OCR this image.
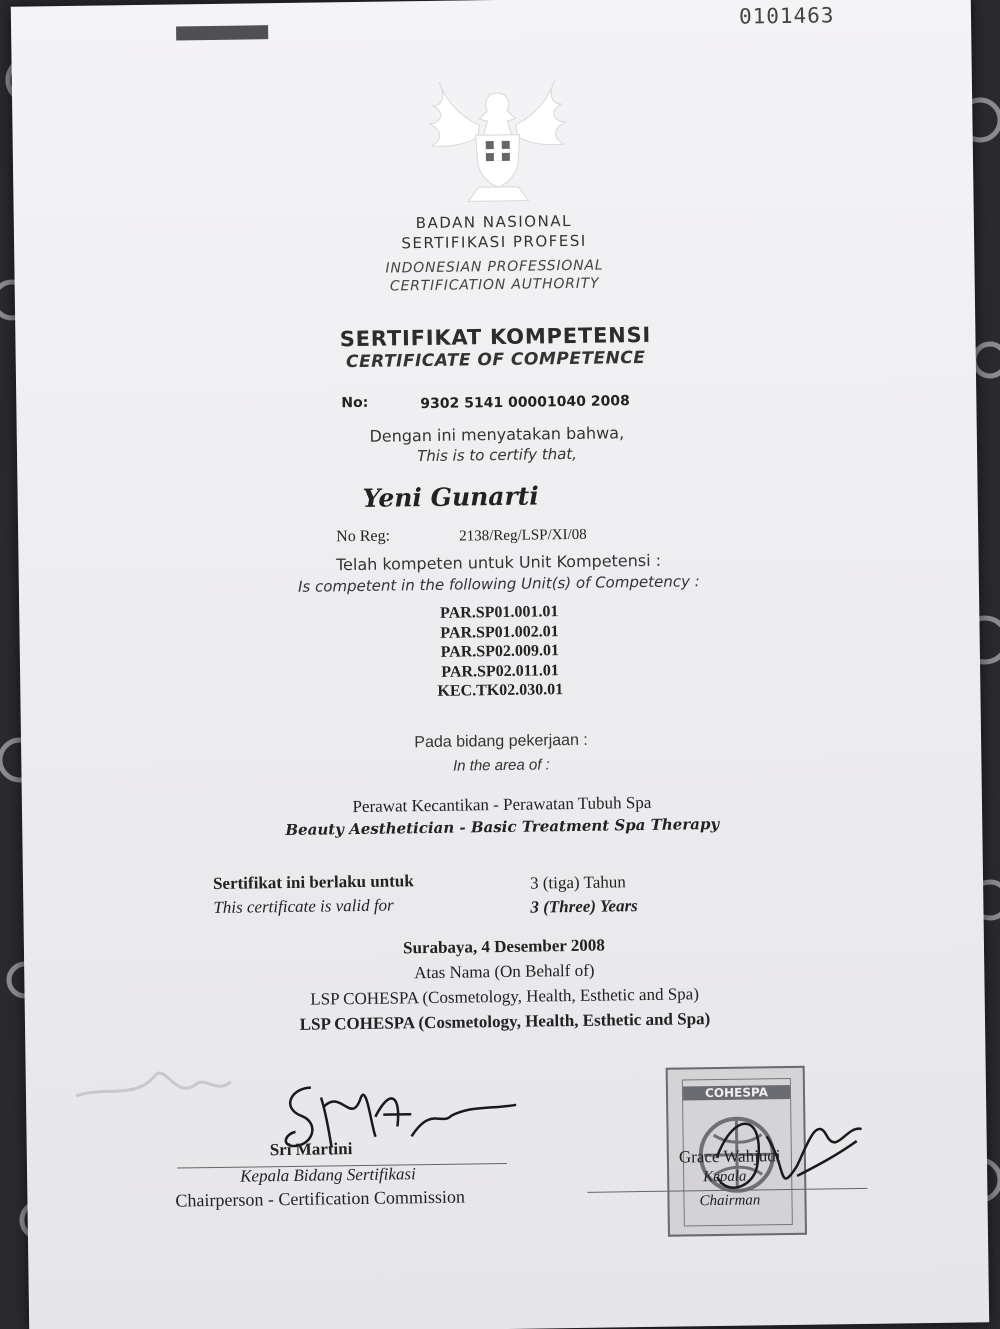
0101463
BADAN NASIONAL
SERTIFIKASI PROFESI
INDONESIAN PROFESSIONAL
CERTIFICATION AUTHORITY
SERTIFIKAT KOMPETENSI
CERTIFICATE OF COMPETENCE
No:	9302 5141 00001040 2008
Dengan ini menyatakan bahwa,
This is to certify that,
Yeni Gunarti
No Reg:	2138/Reg/LSP/XI/08
Telah kompeten untuk Unit Kompetensi :
Is competent in the following Unit(s) of Competency :
PAR.SP01.001.01
PAR.SP01.002.01
PAR.SP02.009.01
PAR.SP02.011.01
KEC.TK02.030.01
Pada bidang pekerjaan :
In the area of :
Perawat Kecantikan - Perawatan Tubuh Spa
Beauty Aesthetician - Basic Treatment Spa Therapy
Sertifikat ini berlaku untuk
This certificate is valid for
3 (tiga) Tahun
3 (Three) Years
Surabaya, 4 Desember 2008
Atas Nama (On Behalf of)
LSP COHESPA (Cosmetology, Health, Esthetic and Spa)
LSP COHESPA (Cosmetology, Health, Esthetic and Spa)
Sri Martini
Kepala Bidang Sertifikasi
Chairperson - Certification Commission
COHESPA
Grace Wahjudi
Kepala
Chairman
